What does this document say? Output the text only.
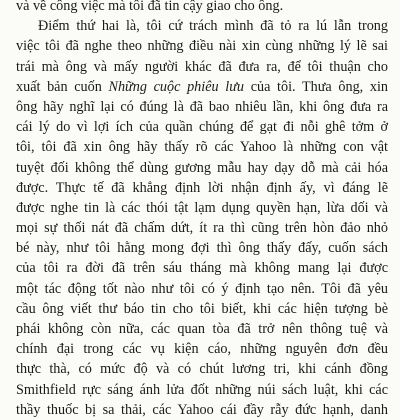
và về công việc mà tôi đã tin cậy giao cho ông.
Điểm thứ hai là, tôi cứ trách mình đã tỏ ra lú lẫn trong
việc tôi đã nghe theo những điều nài xin cùng những lý lẽ sai
trái mà ông và mấy người khác đã đưa ra, để tôi thuận cho
xuất bản cuốn Những cuộc phiêu lưu của tôi. Thưa ông, xin
ông hãy nghĩ lại có đúng là đã bao nhiêu lần, khi ông đưa ra
cái lý do vì lợi ích của quần chúng để gạt đi nỗi ghê tởm ở
tôi, tôi đã xin ông hãy thấy rõ các Yahoo là những con vật
tuyệt đối không thể dùng gương mẫu hay dạy dỗ mà cải hóa
được. Thực tế đã khẳng định lời nhận định ấy, vì đáng lẽ
được nghe tin là các thói tật lạm dụng quyền hạn, lừa dối và
mọi sự thối nát đã chấm dứt, ít ra thì cũng trên hòn đảo nhỏ
bé này, như tôi hằng mong đợi thì ông thấy đấy, cuốn sách
của tôi ra đời đã trên sáu tháng mà không mang lại được
một tác động tốt nào như tôi có ý định tạo nên. Tôi đã yêu
cầu ông viết thư báo tin cho tôi biết, khi các hiện tượng bè
phái không còn nữa, các quan tòa đã trở nên thông tuệ và
chính đại trong các vụ kiện cáo, những nguyên đơn đều
thực thà, có mức độ và có chút lương tri, khi cánh đồng
Smithfield rực sáng ánh lửa đốt những núi sách luật, khi các
thầy thuốc bị sa thải, các Yahoo cái đầy rẫy đức hạnh, danh
